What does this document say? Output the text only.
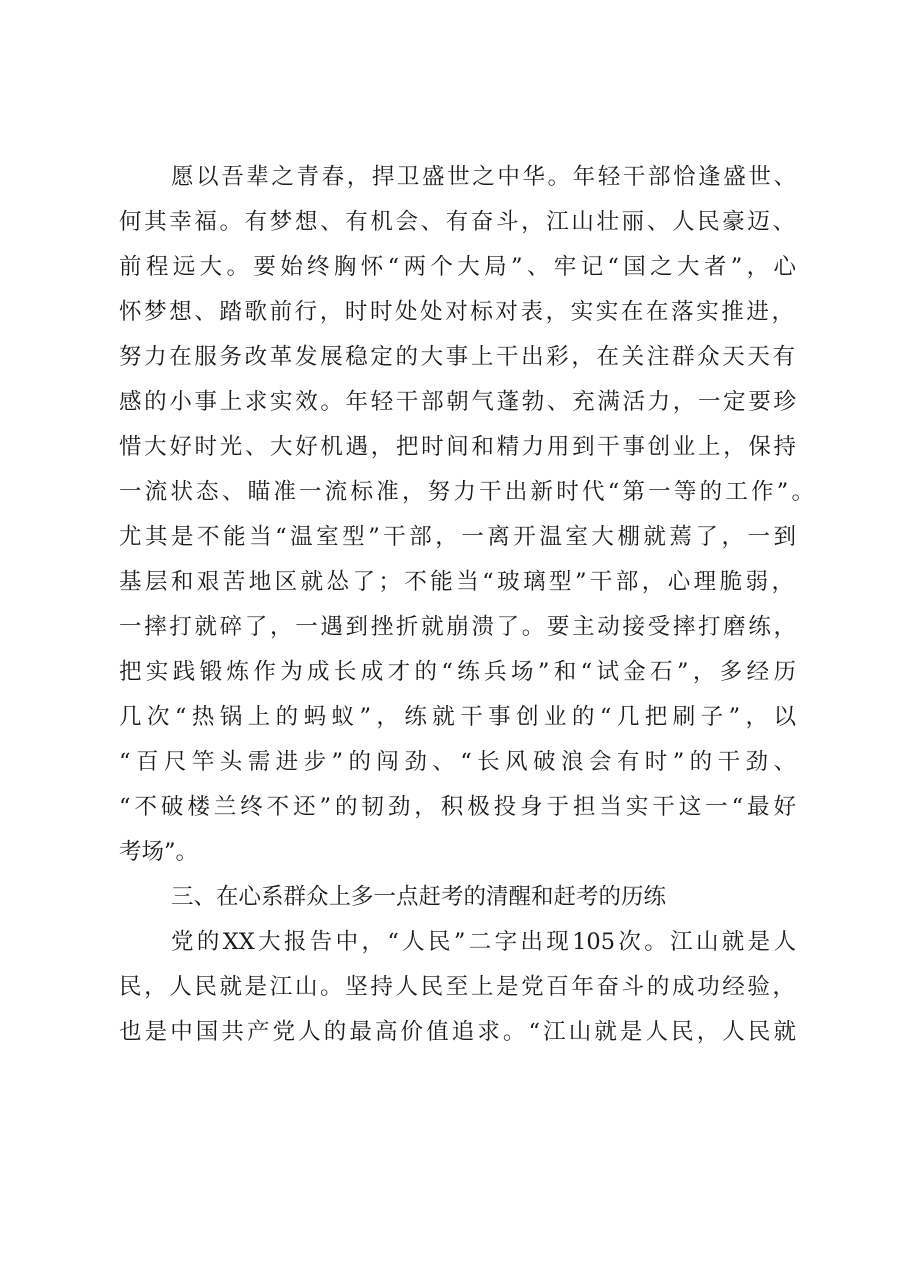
愿以吾辈之青春，捍卫盛世之中华。年轻干部恰逢盛世、
何其幸福。有梦想、有机会、有奋斗，江山壮丽、人民豪迈、
前程远大。要始终胸怀“两个大局”、牢记“国之大者”，心
怀梦想、踏歌前行，时时处处对标对表，实实在在落实推进，
努力在服务改革发展稳定的大事上干出彩，在关注群众天天有
感的小事上求实效。年轻干部朝气蓬勃、充满活力，一定要珍
惜大好时光、大好机遇，把时间和精力用到干事创业上，保持
一流状态、瞄准一流标准，努力干出新时代“第一等的工作”。
尤其是不能当“温室型”干部，一离开温室大棚就蔫了，一到
基层和艰苦地区就怂了；不能当“玻璃型”干部，心理脆弱，
一摔打就碎了，一遇到挫折就崩溃了。要主动接受摔打磨练，
把实践锻炼作为成长成才的“练兵场”和“试金石”，多经历
几次“热锅上的蚂蚁”，练就干事创业的“几把刷子”，以
“百尺竿头需进步”的闯劲、“长风破浪会有时”的干劲、
“不破楼兰终不还”的韧劲，积极投身于担当实干这一“最好
考场”。
三、在心系群众上多一点赶考的清醒和赶考的历练
党的XX大报告中，“人民”二字出现105次。江山就是人
民，人民就是江山。坚持人民至上是党百年奋斗的成功经验，
也是中国共产党人的最高价值追求。“江山就是人民，人民就
